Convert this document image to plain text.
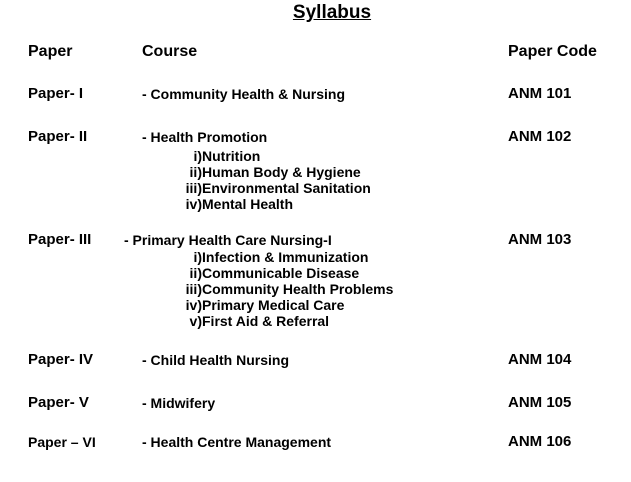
Syllabus
Paper	Course	Paper Code
Paper- I	- Community Health & Nursing	ANM 101
Paper- II	- Health Promotion	ANM 102
i)Nutrition
ii)Human Body & Hygiene
iii)Environmental Sanitation
iv)Mental Health
Paper- III - Primary Health Care Nursing-I	ANM 103
i)Infection & Immunization
ii)Communicable Disease
iii)Community Health Problems
iv)Primary Medical Care
v)First Aid & Referral
Paper- IV	- Child Health Nursing	ANM 104
Paper- V	- Midwifery	ANM 105
Paper – VI	- Health Centre Management	ANM 106
